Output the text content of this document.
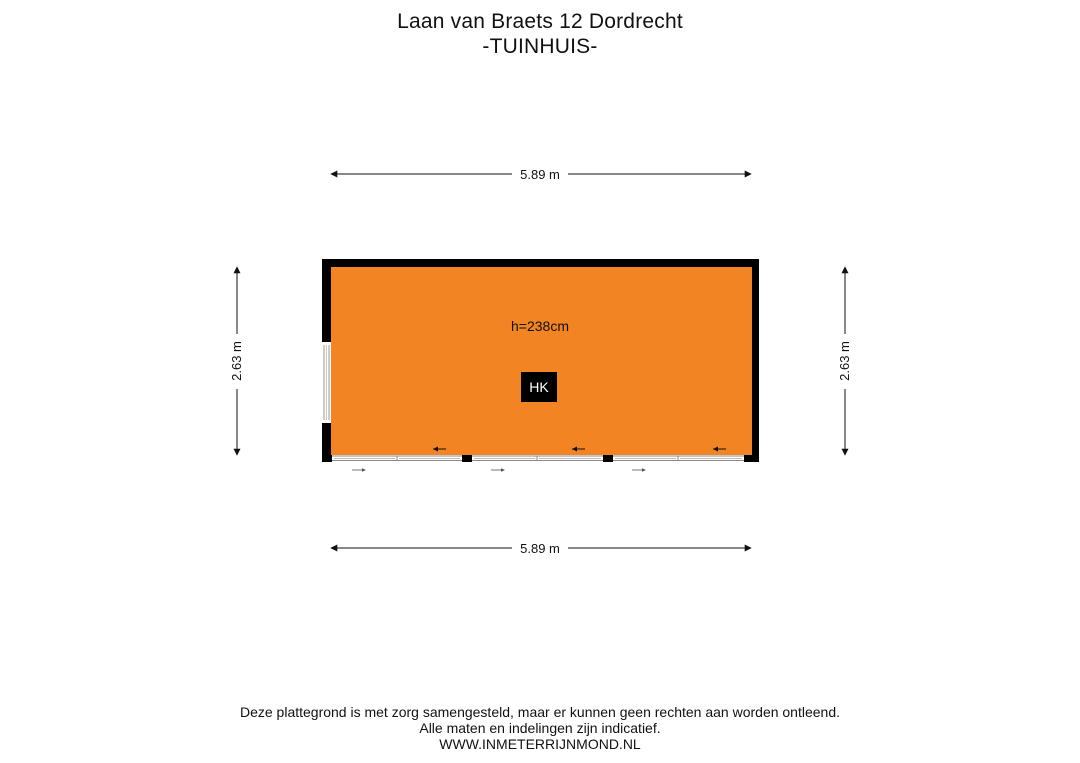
Laan van Braets 12 Dordrecht
-TUINHUIS-
5.89 m
5.89 m
2.63 m	2.63 m
h=238cm
HK
Deze plattegrond is met zorg samengesteld, maar er kunnen geen rechten aan worden ontleend.
Alle maten en indelingen zijn indicatief.
WWW.INMETERRIJNMOND.NL
